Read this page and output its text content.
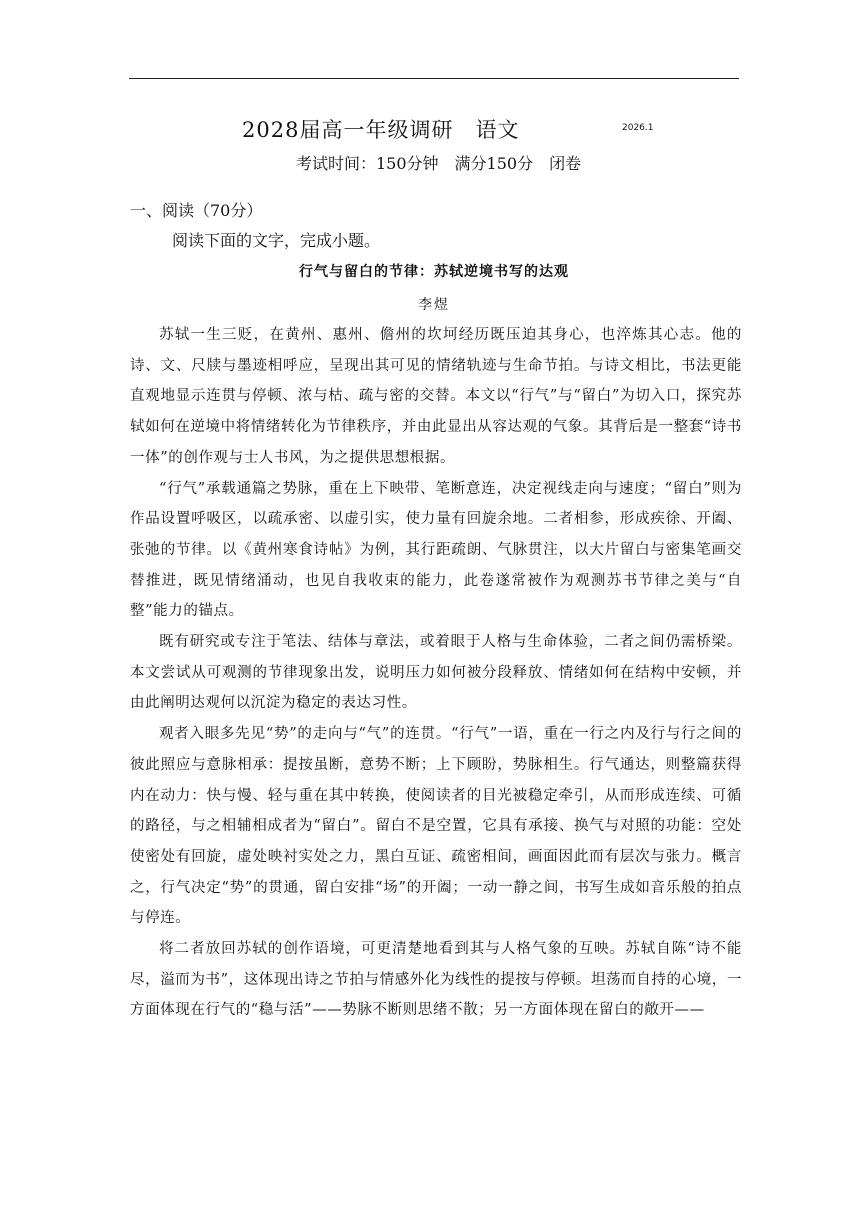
2028届高一年级调研　语文	2026.1
考试时间：150分钟　满分150分　闭卷
一、阅读（70分）
阅读下面的文字，完成小题。
行气与留白的节律：苏轼逆境书写的达观
李煜

苏轼一生三贬，在黄州、惠州、儋州的坎坷经历既压迫其身心，也淬炼其心志。他的诗、文、尺牍与墨迹相呼应，呈现出其可见的情绪轨迹与生命节拍。与诗文相比，书法更能直观地显示连贯与停顿、浓与枯、疏与密的交替。本文以“行气”与“留白”为切入口，探究苏轼如何在逆境中将情绪转化为节律秩序，并由此显出从容达观的气象。其背后是一整套“诗书一体”的创作观与士人书风，为之提供思想根据。

“行气”承载通篇之势脉，重在上下映带、笔断意连，决定视线走向与速度；“留白”则为作品设置呼吸区，以疏承密、以虚引实，使力量有回旋余地。二者相参，形成疾徐、开阖、张弛的节律。以《黄州寒食诗帖》为例，其行距疏朗、气脉贯注，以大片留白与密集笔画交替推进，既见情绪涌动，也见自我收束的能力，此卷遂常被作为观测苏书节律之美与“自整”能力的锚点。

既有研究或专注于笔法、结体与章法，或着眼于人格与生命体验，二者之间仍需桥梁。本文尝试从可观测的节律现象出发，说明压力如何被分段释放、情绪如何在结构中安顿，并由此阐明达观何以沉淀为稳定的表达习性。

观者入眼多先见“势”的走向与“气”的连贯。“行气”一语，重在一行之内及行与行之间的彼此照应与意脉相承：提按虽断，意势不断；上下顾盼，势脉相生。行气通达，则整篇获得内在动力：快与慢、轻与重在其中转换，使阅读者的目光被稳定牵引，从而形成连续、可循的路径，与之相辅相成者为“留白”。留白不是空置，它具有承接、换气与对照的功能：空处使密处有回旋，虚处映衬实处之力，黑白互证、疏密相间，画面因此而有层次与张力。概言之，行气决定“势”的贯通，留白安排“场”的开阖；一动一静之间，书写生成如音乐般的拍点与停连。

将二者放回苏轼的创作语境，可更清楚地看到其与人格气象的互映。苏轼自陈“诗不能尽，溢而为书”，这体现出诗之节拍与情感外化为线性的提按与停顿。坦荡而自持的心境，一方面体现在行气的“稳与活”——势脉不断则思绪不散；另一方面体现在留白的敞开——
